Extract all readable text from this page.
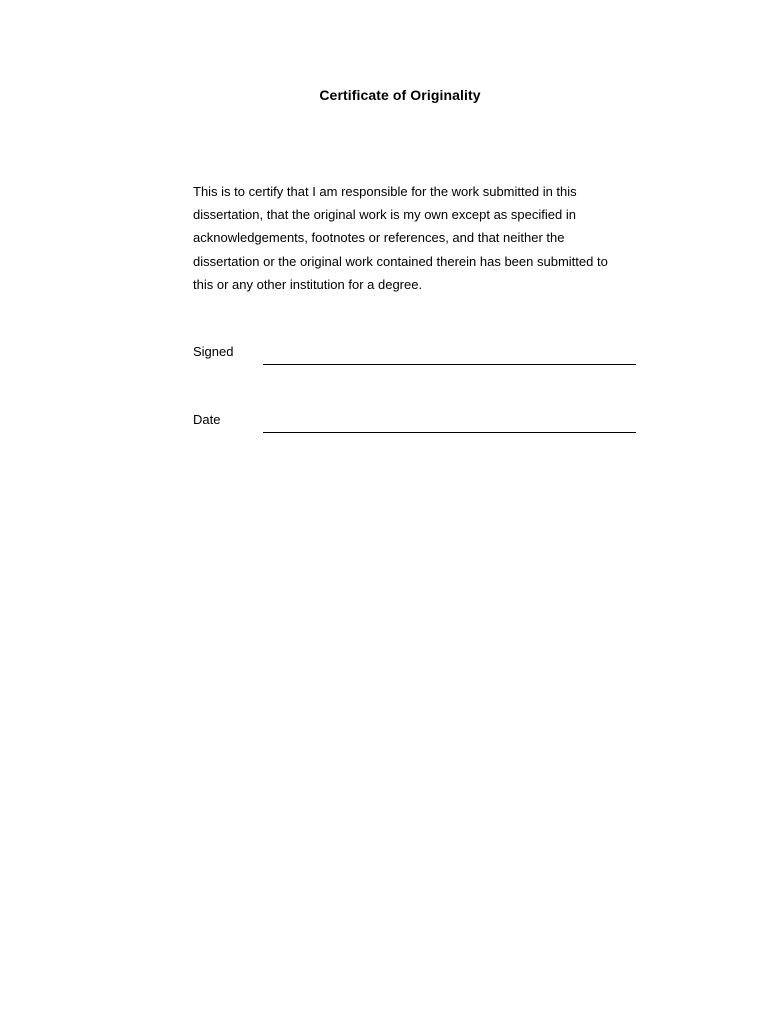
Certificate of Originality

This is to certify that I am responsible for the work submitted in this
dissertation, that the original work is my own except as specified in
acknowledgements, footnotes or references, and that neither the
dissertation or the original work contained therein has been submitted to
this or any other institution for a degree.

Signed
Date
